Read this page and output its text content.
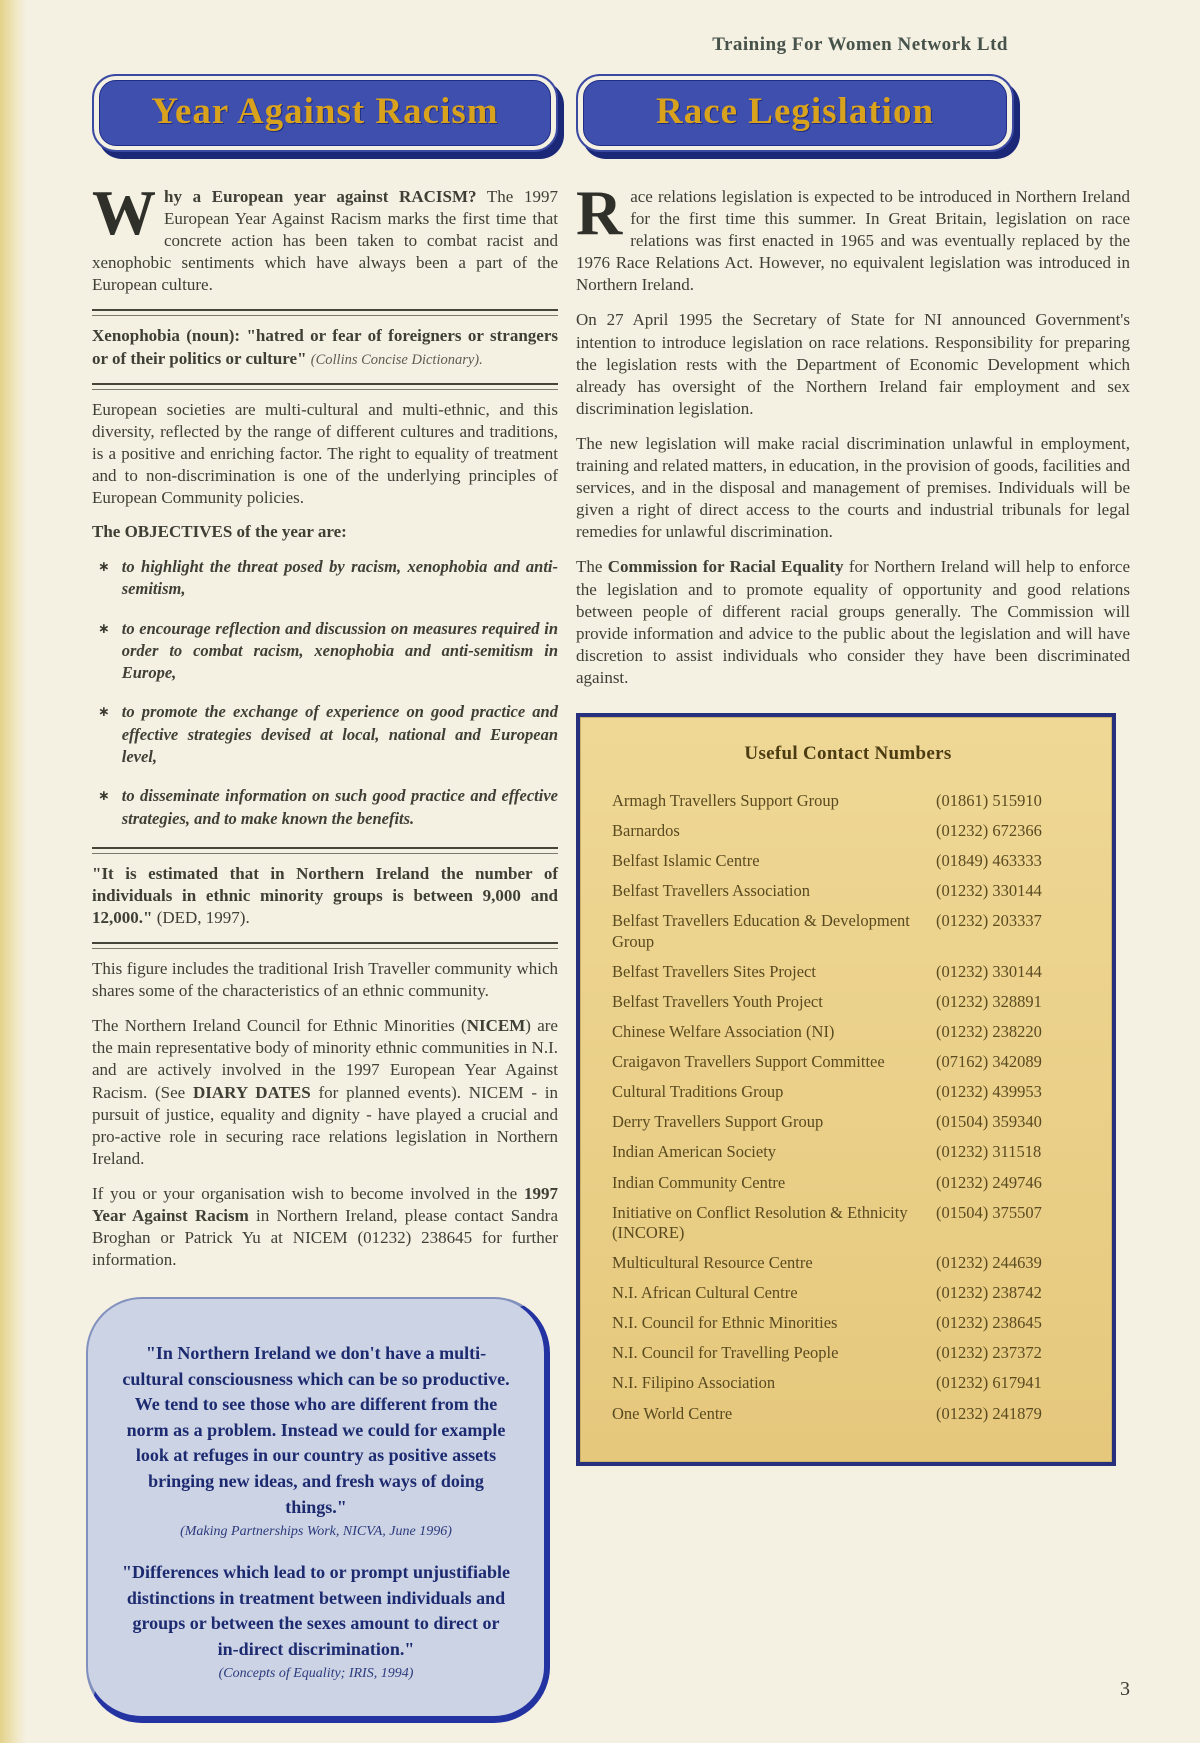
Training For Women Network Ltd
Year Against Racism

Why a European year against RACISM? The 1997 European Year Against Racism marks the first time that concrete action has been taken to combat racist and xenophobic sentiments which have always been a part of the European culture.

Xenophobia (noun): "hatred or fear of foreigners or strangers or of their politics or culture" (Collins Concise Dictionary).

European societies are multi-cultural and multi-ethnic, and this diversity, reflected by the range of different cultures and traditions, is a positive and enriching factor. The right to equality of treatment and to non-discrimination is one of the underlying principles of European Community policies.

The OBJECTIVES of the year are:
∗ to highlight the threat posed by racism, xenophobia and anti-semitism,
∗ to encourage reflection and discussion on measures required in order to combat racism, xenophobia and anti-semitism in Europe,
∗ to promote the exchange of experience on good practice and effective strategies devised at local, national and European level,
∗ to disseminate information on such good practice and effective strategies, and to make known the benefits.

"It is estimated that in Northern Ireland the number of individuals in ethnic minority groups is between 9,000 and 12,000." (DED, 1997).

This figure includes the traditional Irish Traveller community which shares some of the characteristics of an ethnic community.

The Northern Ireland Council for Ethnic Minorities (NICEM) are the main representative body of minority ethnic communities in N.I. and are actively involved in the 1997 European Year Against Racism. (See DIARY DATES for planned events). NICEM - in pursuit of justice, equality and dignity - have played a crucial and pro-active role in securing race relations legislation in Northern Ireland.

If you or your organisation wish to become involved in the 1997 Year Against Racism in Northern Ireland, please contact Sandra Broghan or Patrick Yu at NICEM (01232) 238645 for further information.

"In Northern Ireland we don't have a multi-cultural consciousness which can be so productive. We tend to see those who are different from the norm as a problem. Instead we could for example look at refuges in our country as positive assets bringing new ideas, and fresh ways of doing things."

(Making Partnerships Work, NICVA, June 1996)

"Differences which lead to or prompt unjustifiable distinctions in treatment between individuals and groups or between the sexes amount to direct or in-direct discrimination."

(Concepts of Equality; IRIS, 1994)
Race Legislation

Race relations legislation is expected to be introduced in Northern Ireland for the first time this summer. In Great Britain, legislation on race relations was first enacted in 1965 and was eventually replaced by the 1976 Race Relations Act. However, no equivalent legislation was introduced in Northern Ireland.

On 27 April 1995 the Secretary of State for NI announced Government's intention to introduce legislation on race relations. Responsibility for preparing the legislation rests with the Department of Economic Development which already has oversight of the Northern Ireland fair employment and sex discrimination legislation.

The new legislation will make racial discrimination unlawful in employment, training and related matters, in education, in the provision of goods, facilities and services, and in the disposal and management of premises. Individuals will be given a right of direct access to the courts and industrial tribunals for legal remedies for unlawful discrimination.

The Commission for Racial Equality for Northern Ireland will help to enforce the legislation and to promote equality of opportunity and good relations between people of different racial groups generally. The Commission will provide information and advice to the public about the legislation and will have discretion to assist individuals who consider they have been discriminated against.

Useful Contact Numbers
Armagh Travellers Support Group	(01861) 515910
Barnardos	(01232) 672366
Belfast Islamic Centre	(01849) 463333
Belfast Travellers Association	(01232) 330144
Belfast Travellers Education & Development Group
(01232) 203337
Belfast Travellers Sites Project	(01232) 330144
Belfast Travellers Youth Project	(01232) 328891
Chinese Welfare Association (NI)	(01232) 238220
Craigavon Travellers Support Committee	(07162) 342089
Cultural Traditions Group	(01232) 439953
Derry Travellers Support Group	(01504) 359340
Indian American Society	(01232) 311518
Indian Community Centre	(01232) 249746
Initiative on Conflict Resolution & Ethnicity (INCORE)
(01504) 375507
Multicultural Resource Centre	(01232) 244639
N.I. African Cultural Centre	(01232) 238742
N.I. Council for Ethnic Minorities	(01232) 238645
N.I. Council for Travelling People	(01232) 237372
N.I. Filipino Association	(01232) 617941
One World Centre	(01232) 241879
3
